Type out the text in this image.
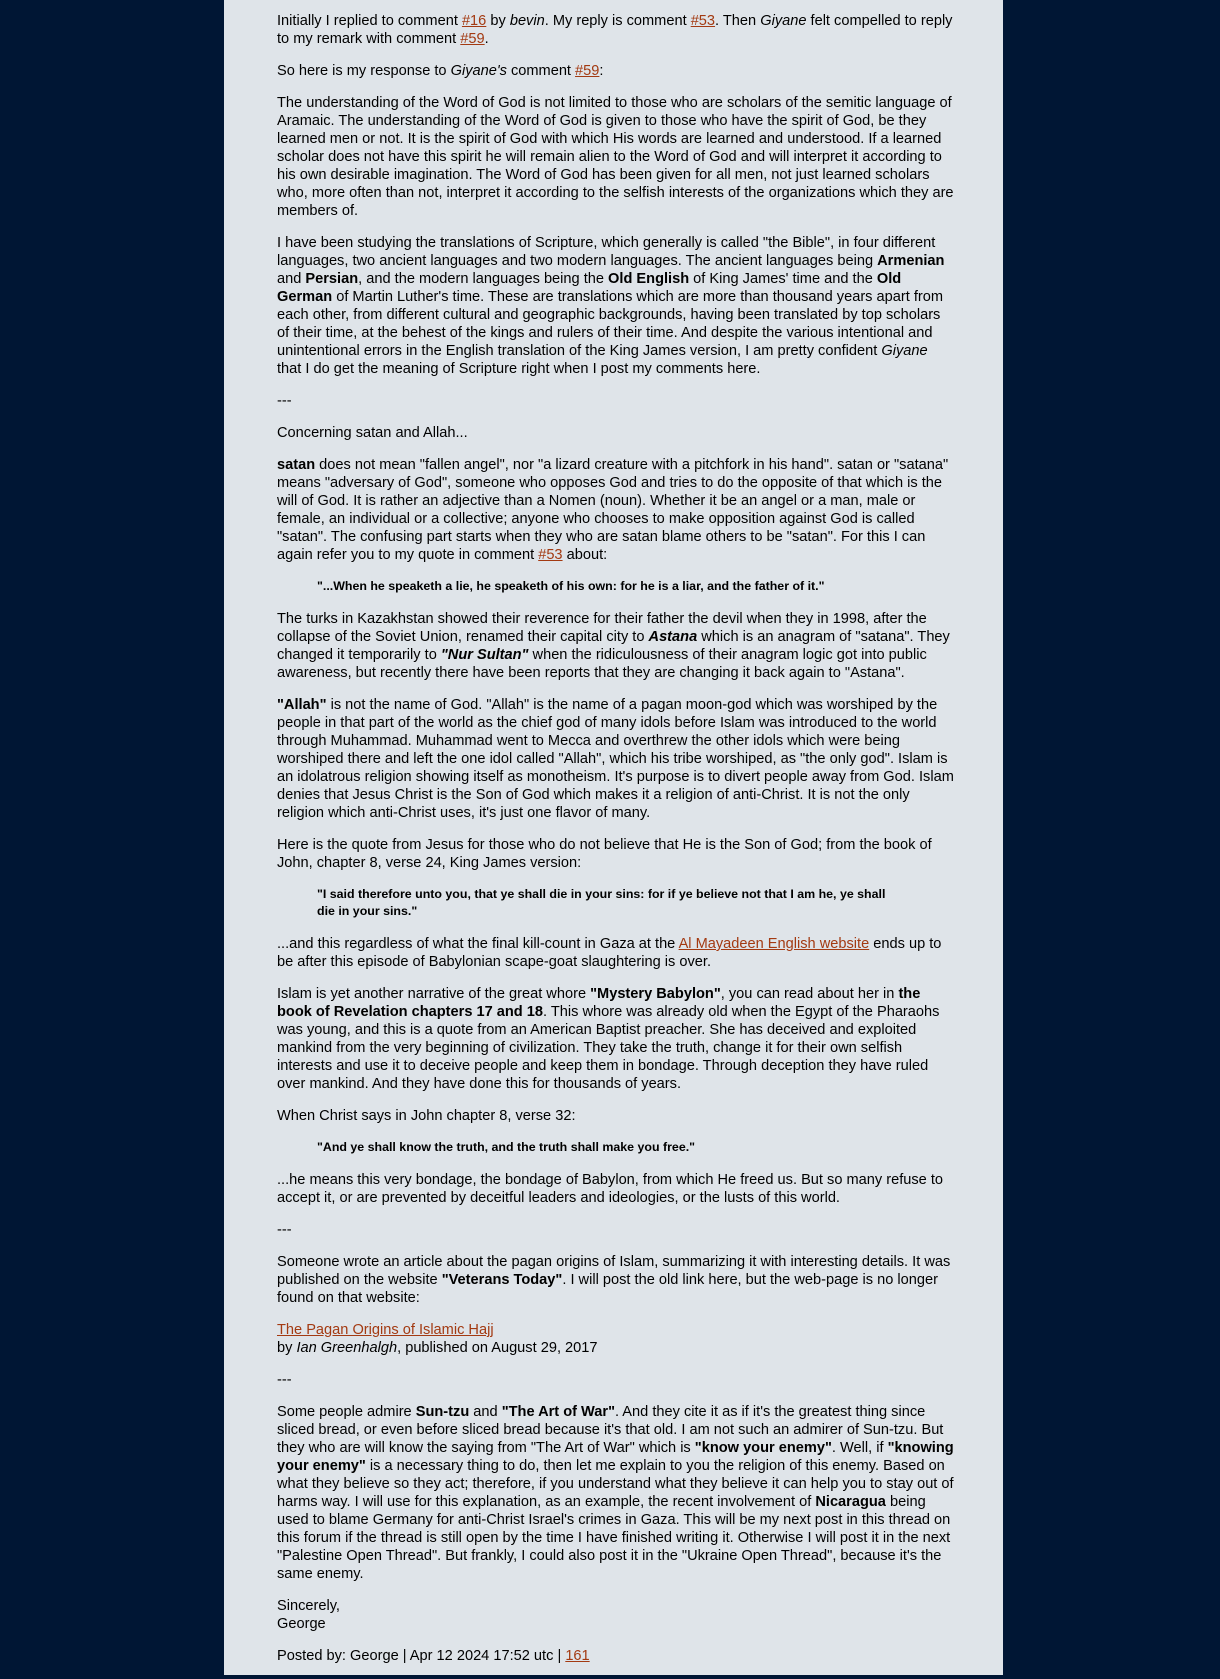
Initially I replied to comment #16 by bevin. My reply is comment #53. Then Giyane felt compelled to reply to my remark with comment #59.

So here is my response to Giyane's comment #59:

The understanding of the Word of God is not limited to those who are scholars of the semitic language of Aramaic. The understanding of the Word of God is given to those who have the spirit of God, be they learned men or not. It is the spirit of God with which His words are learned and understood. If a learned scholar does not have this spirit he will remain alien to the Word of God and will interpret it according to his own desirable imagination. The Word of God has been given for all men, not just learned scholars who, more often than not, interpret it according to the selfish interests of the organizations which they are members of.

I have been studying the translations of Scripture, which generally is called "the Bible", in four different languages, two ancient languages and two modern languages. The ancient languages being Armenian and Persian, and the modern languages being the Old English of King James' time and the Old German of Martin Luther's time. These are translations which are more than thousand years apart from each other, from different cultural and geographic backgrounds, having been translated by top scholars of their time, at the behest of the kings and rulers of their time. And despite the various intentional and unintentional errors in the English translation of the King James version, I am pretty confident Giyane that I do get the meaning of Scripture right when I post my comments here.

---

Concerning satan and Allah...

satan does not mean "fallen angel", nor "a lizard creature with a pitchfork in his hand". satan or "satana" means "adversary of God", someone who opposes God and tries to do the opposite of that which is the will of God. It is rather an adjective than a Nomen (noun). Whether it be an angel or a man, male or female, an individual or a collective; anyone who chooses to make opposition against God is called "satan". The confusing part starts when they who are satan blame others to be "satan". For this I can again refer you to my quote in comment #53 about:

"...When he speaketh a lie, he speaketh of his own: for he is a liar, and the father of it."

The turks in Kazakhstan showed their reverence for their father the devil when they in 1998, after the collapse of the Soviet Union, renamed their capital city to Astana which is an anagram of "satana". They changed it temporarily to "Nur Sultan" when the ridiculousness of their anagram logic got into public awareness, but recently there have been reports that they are changing it back again to "Astana".

"Allah" is not the name of God. "Allah" is the name of a pagan moon-god which was worshiped by the people in that part of the world as the chief god of many idols before Islam was introduced to the world through Muhammad. Muhammad went to Mecca and overthrew the other idols which were being worshiped there and left the one idol called "Allah", which his tribe worshiped, as "the only god". Islam is an idolatrous religion showing itself as monotheism. It's purpose is to divert people away from God. Islam denies that Jesus Christ is the Son of God which makes it a religion of anti-Christ. It is not the only religion which anti-Christ uses, it's just one flavor of many.

Here is the quote from Jesus for those who do not believe that He is the Son of God; from the book of John, chapter 8, verse 24, King James version:

"I said therefore unto you, that ye shall die in your sins: for if ye believe not that I am he, ye shall die in your sins."

...and this regardless of what the final kill-count in Gaza at the Al Mayadeen English website ends up to be after this episode of Babylonian scape-goat slaughtering is over.

Islam is yet another narrative of the great whore "Mystery Babylon", you can read about her in the book of Revelation chapters 17 and 18. This whore was already old when the Egypt of the Pharaohs was young, and this is a quote from an American Baptist preacher. She has deceived and exploited mankind from the very beginning of civilization. They take the truth, change it for their own selfish interests and use it to deceive people and keep them in bondage. Through deception they have ruled over mankind. And they have done this for thousands of years.

When Christ says in John chapter 8, verse 32:

"And ye shall know the truth, and the truth shall make you free."

...he means this very bondage, the bondage of Babylon, from which He freed us. But so many refuse to accept it, or are prevented by deceitful leaders and ideologies, or the lusts of this world.

---

Someone wrote an article about the pagan origins of Islam, summarizing it with interesting details. It was published on the website "Veterans Today". I will post the old link here, but the web-page is no longer found on that website:

The Pagan Origins of Islamic Hajj
by Ian Greenhalgh, published on August 29, 2017

---

Some people admire Sun-tzu and "The Art of War". And they cite it as if it's the greatest thing since sliced bread, or even before sliced bread because it's that old. I am not such an admirer of Sun-tzu. But they who are will know the saying from "The Art of War" which is "know your enemy". Well, if "knowing your enemy" is a necessary thing to do, then let me explain to you the religion of this enemy. Based on what they believe so they act; therefore, if you understand what they believe it can help you to stay out of harms way. I will use for this explanation, as an example, the recent involvement of Nicaragua being used to blame Germany for anti-Christ Israel's crimes in Gaza. This will be my next post in this thread on this forum if the thread is still open by the time I have finished writing it. Otherwise I will post it in the next "Palestine Open Thread". But frankly, I could also post it in the "Ukraine Open Thread", because it's the same enemy.

Sincerely,
George

Posted by: George | Apr 12 2024 17:52 utc | 161
